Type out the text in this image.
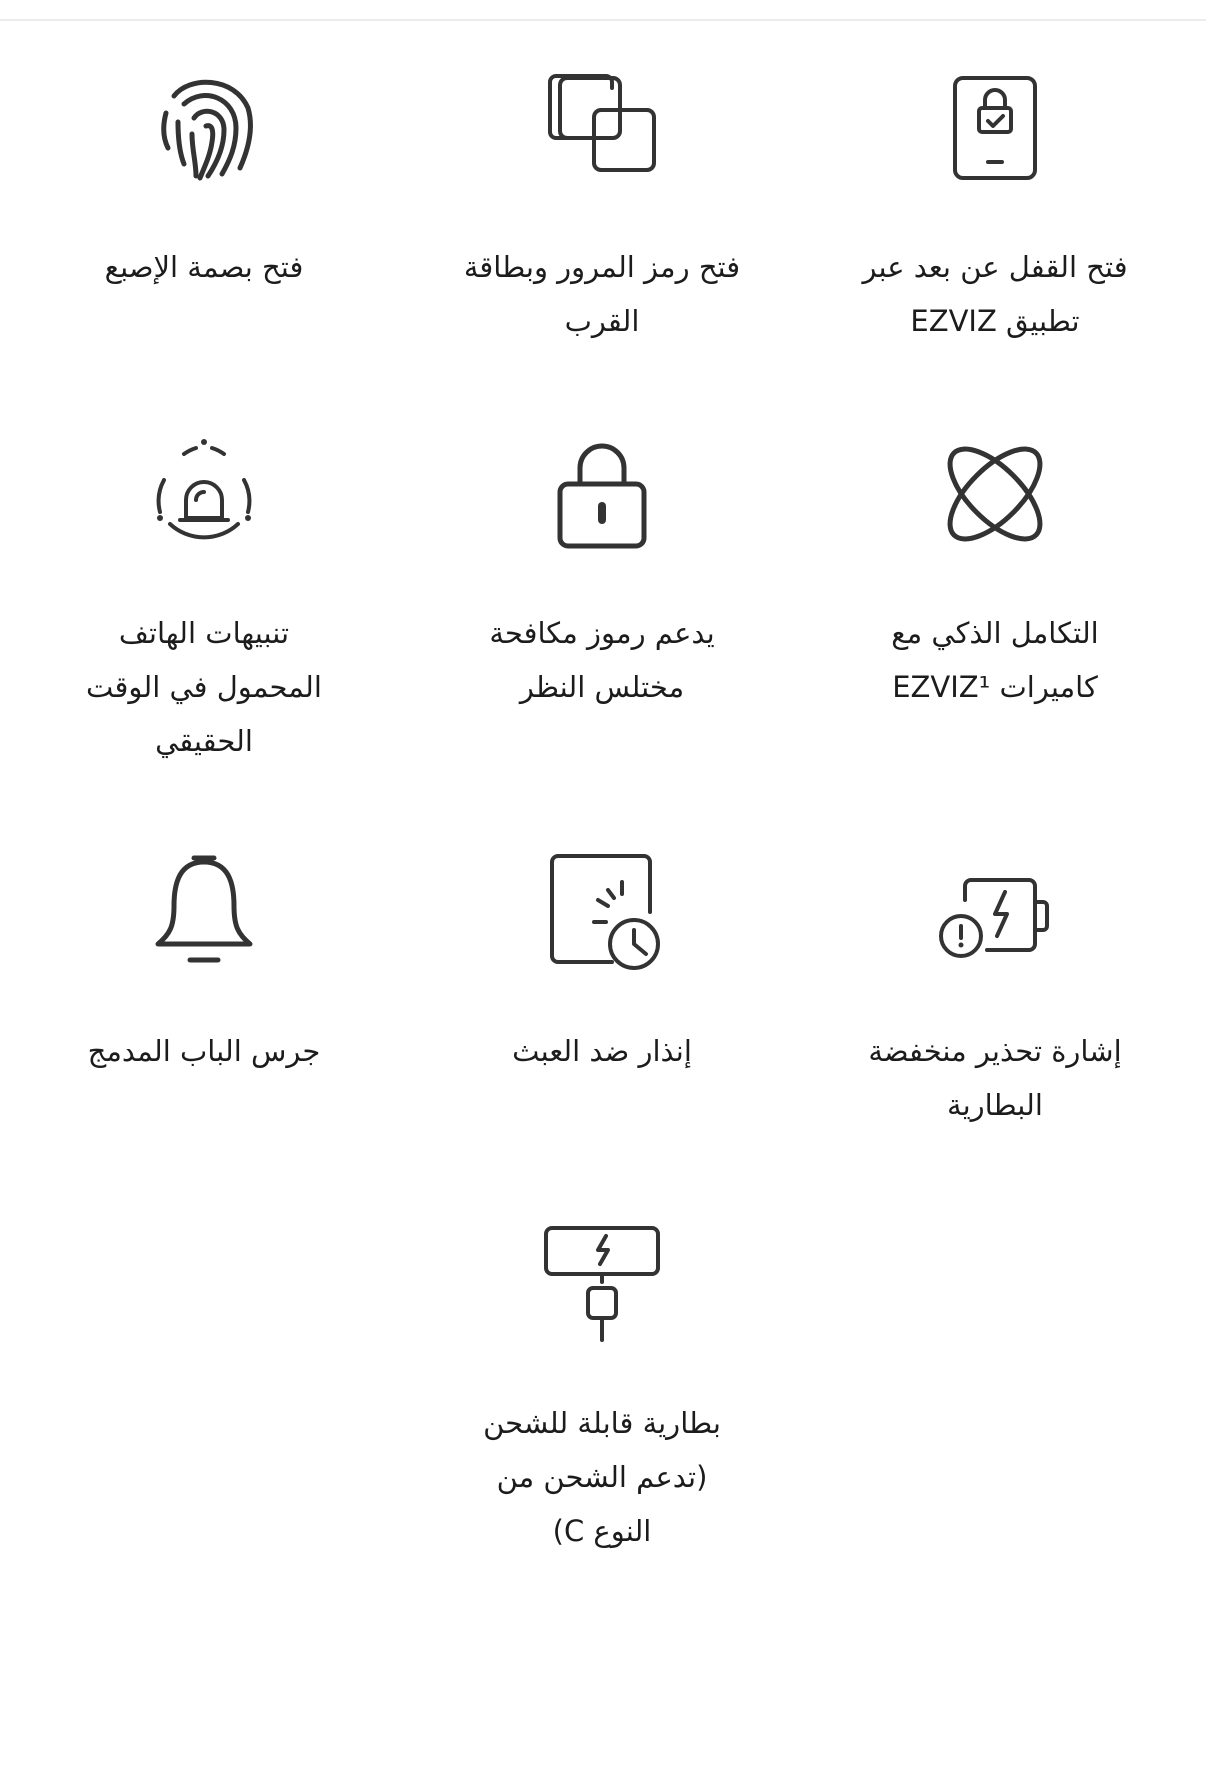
فتح القفل عن بعد عبر
تطبيق EZVIZ
فتح رمز المرور وبطاقة
القرب
فتح بصمة الإصبع
التكامل الذكي مع
كاميرات EZVIZ¹
يدعم رموز مكافحة
مختلس النظر
تنبيهات الهاتف
المحمول في الوقت
الحقيقي
إشارة تحذير منخفضة
البطارية
إنذار ضد العبث
جرس الباب المدمج
بطارية قابلة للشحن
(تدعم الشحن من
النوع C)
